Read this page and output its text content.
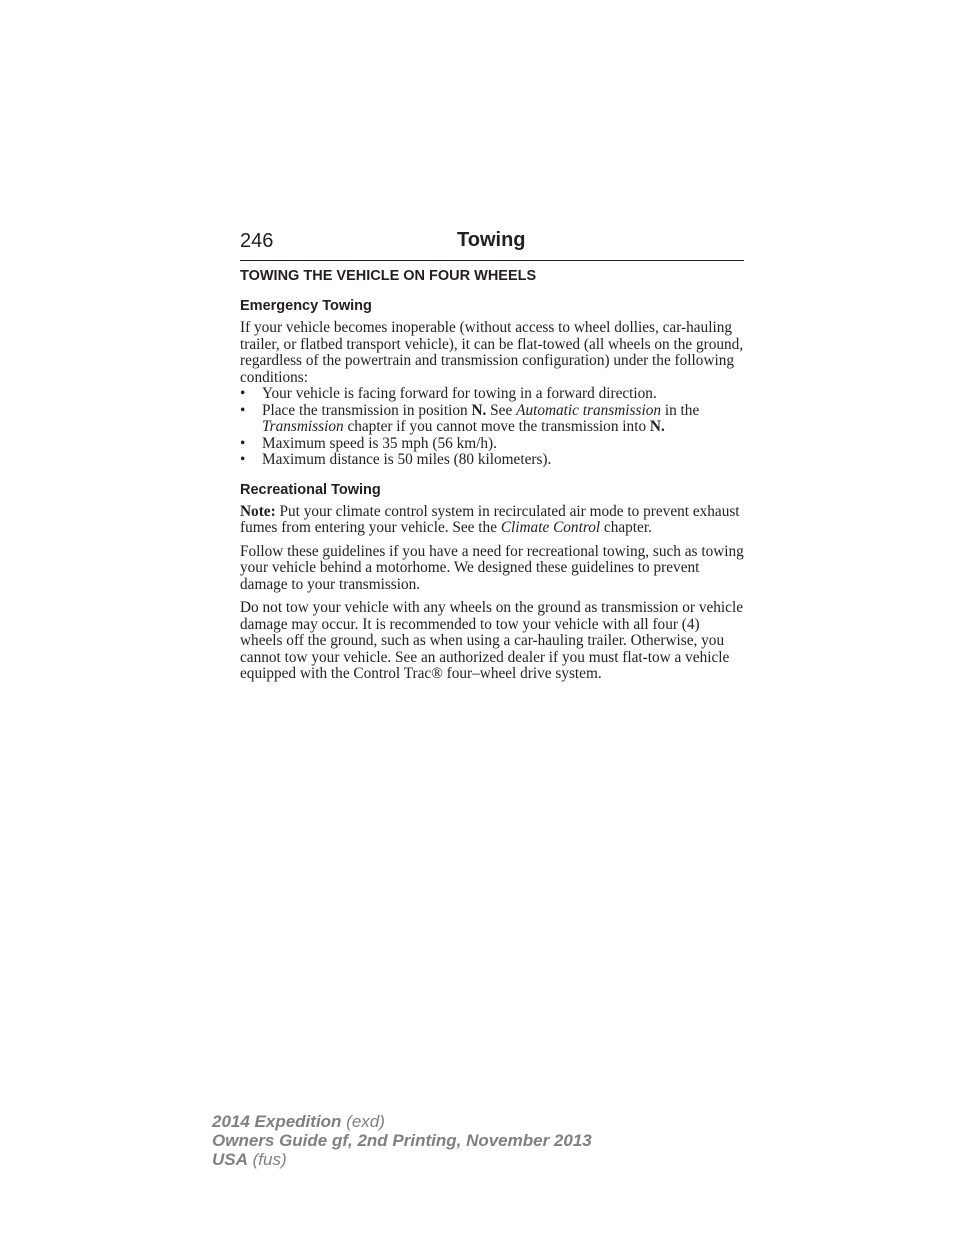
246	Towing
TOWING THE VEHICLE ON FOUR WHEELS
Emergency Towing

If your vehicle becomes inoperable (without access to wheel dollies, car-hauling trailer, or flatbed transport vehicle), it can be flat-towed (all wheels on the ground, regardless of the powertrain and transmission configuration) under the following conditions:

• Your vehicle is facing forward for towing in a forward direction.
• Place the transmission in position N. See Automatic transmission in the Transmission chapter if you cannot move the transmission into N.
• Maximum speed is 35 mph (56 km/h).
• Maximum distance is 50 miles (80 kilometers).
Recreational Towing

Note: Put your climate control system in recirculated air mode to prevent exhaust fumes from entering your vehicle. See the Climate Control chapter.

Follow these guidelines if you have a need for recreational towing, such as towing your vehicle behind a motorhome. We designed these guidelines to prevent damage to your transmission.

Do not tow your vehicle with any wheels on the ground as transmission or vehicle damage may occur. It is recommended to tow your vehicle with all four (4) wheels off the ground, such as when using a car-hauling trailer. Otherwise, you cannot tow your vehicle. See an authorized dealer if you must flat-tow a vehicle equipped with the Control Trac® four–wheel drive system.

2014 Expedition (exd)
Owners Guide gf, 2nd Printing, November 2013
USA (fus)
